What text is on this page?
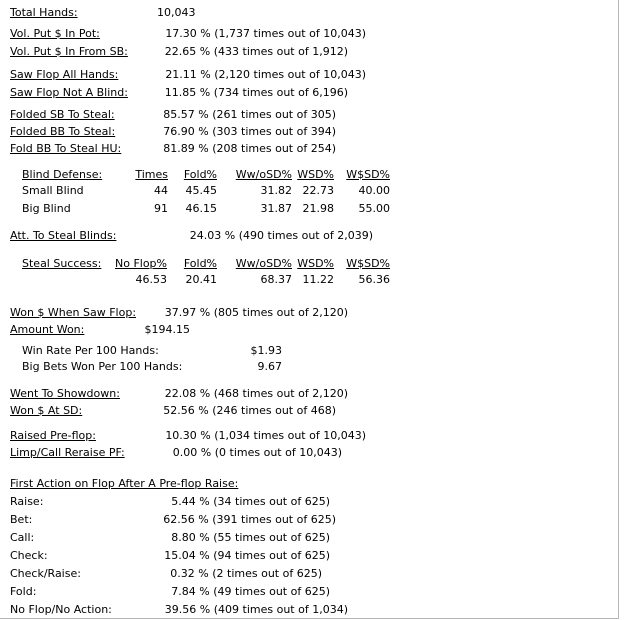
Total Hands:	10,043
Vol. Put $ In Pot:	17.30 % (1,737 times out of 10,043)
Vol. Put $ In From SB:	22.65 % (433 times out of 1,912)
Saw Flop All Hands:	21.11 % (2,120 times out of 10,043)
Saw Flop Not A Blind:	11.85 % (734 times out of 6,196)
Folded SB To Steal:	85.57 % (261 times out of 305)
Folded BB To Steal:	76.90 % (303 times out of 394)
Fold BB To Steal HU:	81.89 % (208 times out of 254)
Blind Defense:	Times Fold% Ww/oSD% WSD% W$SD%
Small Blind	44 45.45	31.82 22.73 40.00
Big Blind	91 46.15	31.87 21.98 55.00
Att. To Steal Blinds:	24.03 % (490 times out of 2,039)
Steal Success: No Flop% Fold% Ww/oSD% WSD% W$SD%
46.53 20.41	68.37 11.22 56.36
Won $ When Saw Flop:	37.97 % (805 times out of 2,120)
Amount Won:	$194.15
Win Rate Per 100 Hands:	$1.93
Big Bets Won Per 100 Hands:	9.67
Went To Showdown:	22.08 % (468 times out of 2,120)
Won $ At SD:	52.56 % (246 times out of 468)
Raised Pre-flop:	10.30 % (1,034 times out of 10,043)
Limp/Call Reraise PF:	0.00 % (0 times out of 10,043)
First Action on Flop After A Pre-flop Raise:
Raise:	5.44 % (34 times out of 625)
Bet:	62.56 % (391 times out of 625)
Call:	8.80 % (55 times out of 625)
Check:	15.04 % (94 times out of 625)
Check/Raise:	0.32 % (2 times out of 625)
Fold:	7.84 % (49 times out of 625)
No Flop/No Action:	39.56 % (409 times out of 1,034)
